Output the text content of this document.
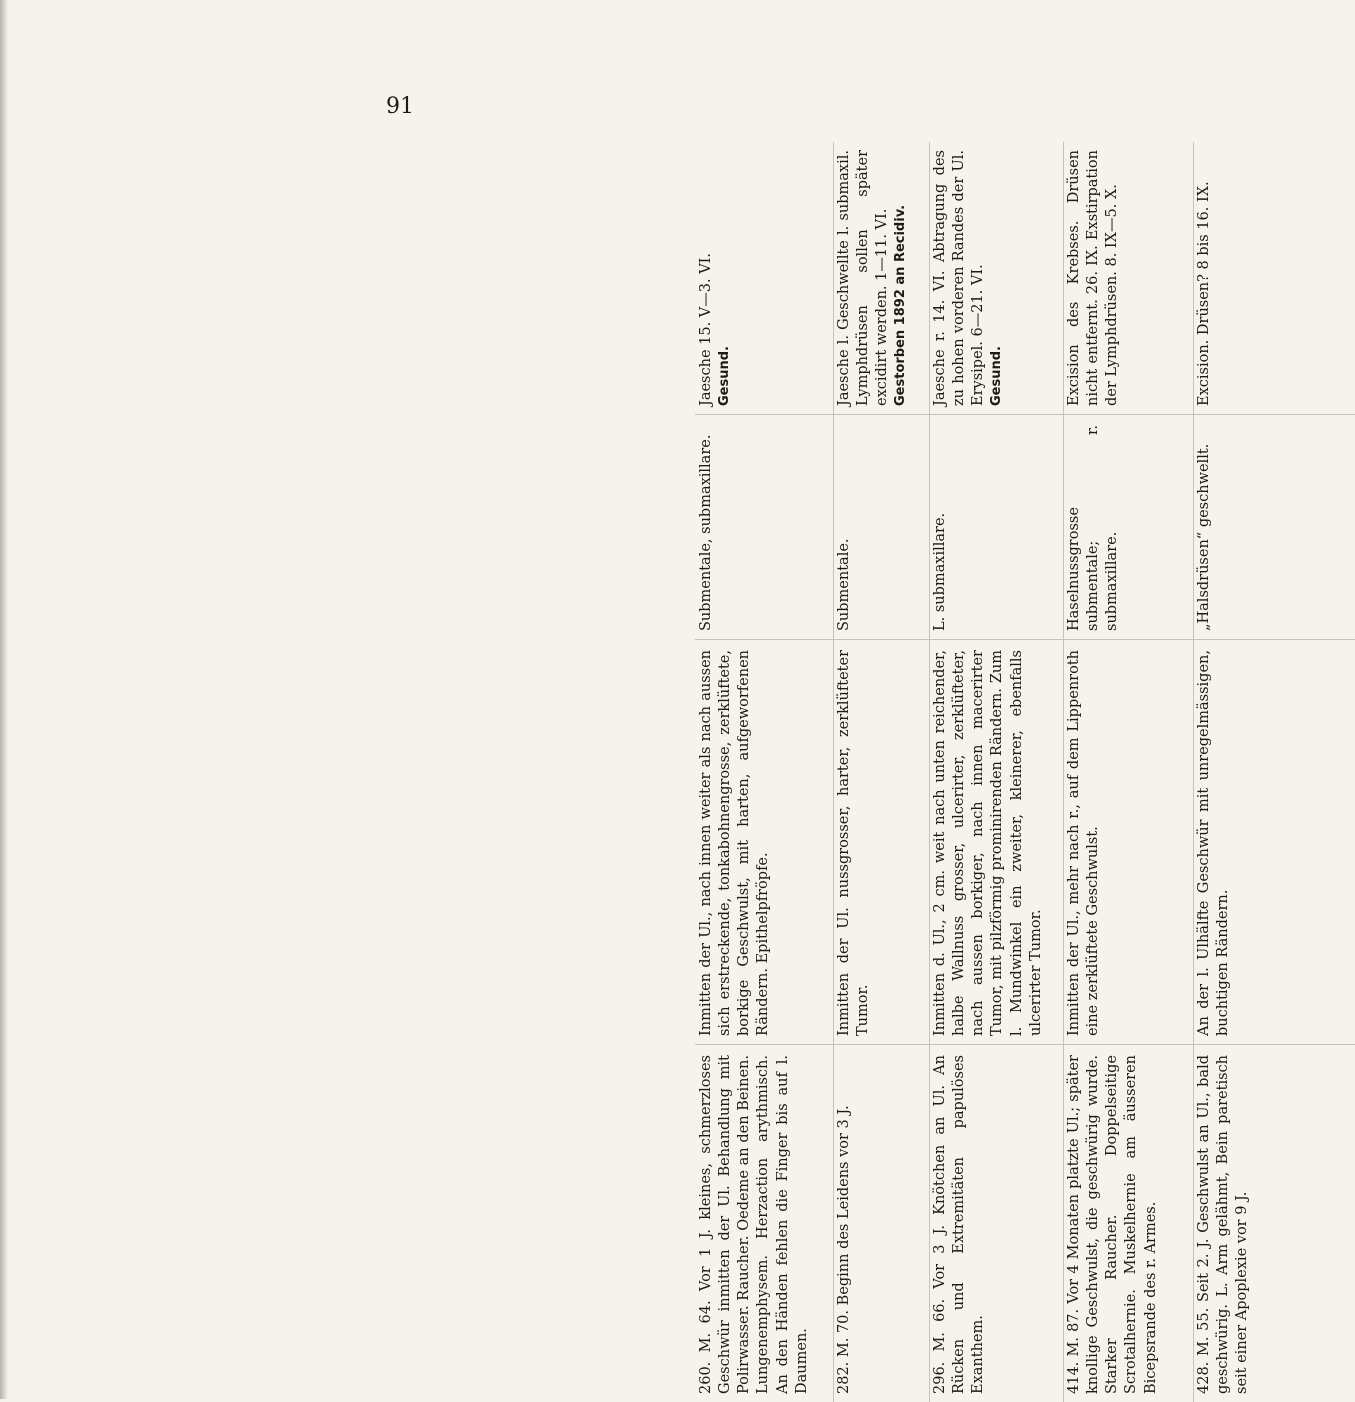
91
260. M. 64. Vor 1 J. kleines, schmerzloses Geschwür inmitten der Ul. Behandlung mit Polirwasser. Raucher. Oedeme an den Beinen. Lungenemphysem. Herzaction arythmisch. An den Händen fehlen die Finger bis auf l. Daumen.
Inmitten der Ul., nach innen weiter als nach aussen sich erstreckende, tonkabohnengrosse, zerklüftete, borkige Geschwulst, mit harten, aufgeworfenen Rändern. Epithelpfröpfe.
Submentale, submaxillare.
Jaesche 15. V—3. VI. Gesund.
282. M. 70. Beginn des Leidens vor 3 J.
Inmitten der Ul. nussgrosser, harter, zerklüfteter Tumor.
Submentale.
Jaesche l. Geschwellte l. submaxil. Lymphdrüsen sollen später excidirt werden. 1—11. VI. Gestorben 1892 an Recidiv.
296. M. 66. Vor 3 J. Knötchen an Ul. An Rücken und Extremitäten papulöses Exanthem.
Inmitten d. Ul., 2 cm. weit nach unten reichender, halbe Wallnuss grosser, ulcerirter, zerklüfteter, nach aussen borkiger, nach innen macerirter Tumor, mit pilzförmig prominirenden Rändern. Zum l. Mundwinkel ein zweiter, kleinerer, ebenfalls ulcerirter Tumor.
L. submaxillare.
Jaesche r. 14. VI. Abtragung des zu hohen vorderen Randes der Ul. Erysipel. 6—21. VI. Gesund.
414. M. 87. Vor 4 Monaten platzte Ul.; später knollige Geschwulst, die geschwürig wurde. Starker Raucher. Doppelseitige Scrotalhernie. Muskelhernie am äusseren Bicepsrande des r. Armes.
Inmitten der Ul., mehr nach r., auf dem Lippenroth eine zerklüftete Geschwulst.
Haselnussgrosse submentale; r. submaxillare.
Excision des Krebses. Drüsen nicht entfernt. 26. IX. Exstirpation der Lymphdrüsen. 8. IX—5. X.
428. M. 55. Seit 2. J. Geschwulst an Ul., bald geschwürig. L. Arm gelähmt, Bein paretisch seit einer Apoplexie vor 9 J.
An der l. Ulhälfte Geschwür mit unregelmässigen, buchtigen Rändern.
„Halsdrüsen“ geschwellt.
Excision. Drüsen? 8 bis 16. IX.
